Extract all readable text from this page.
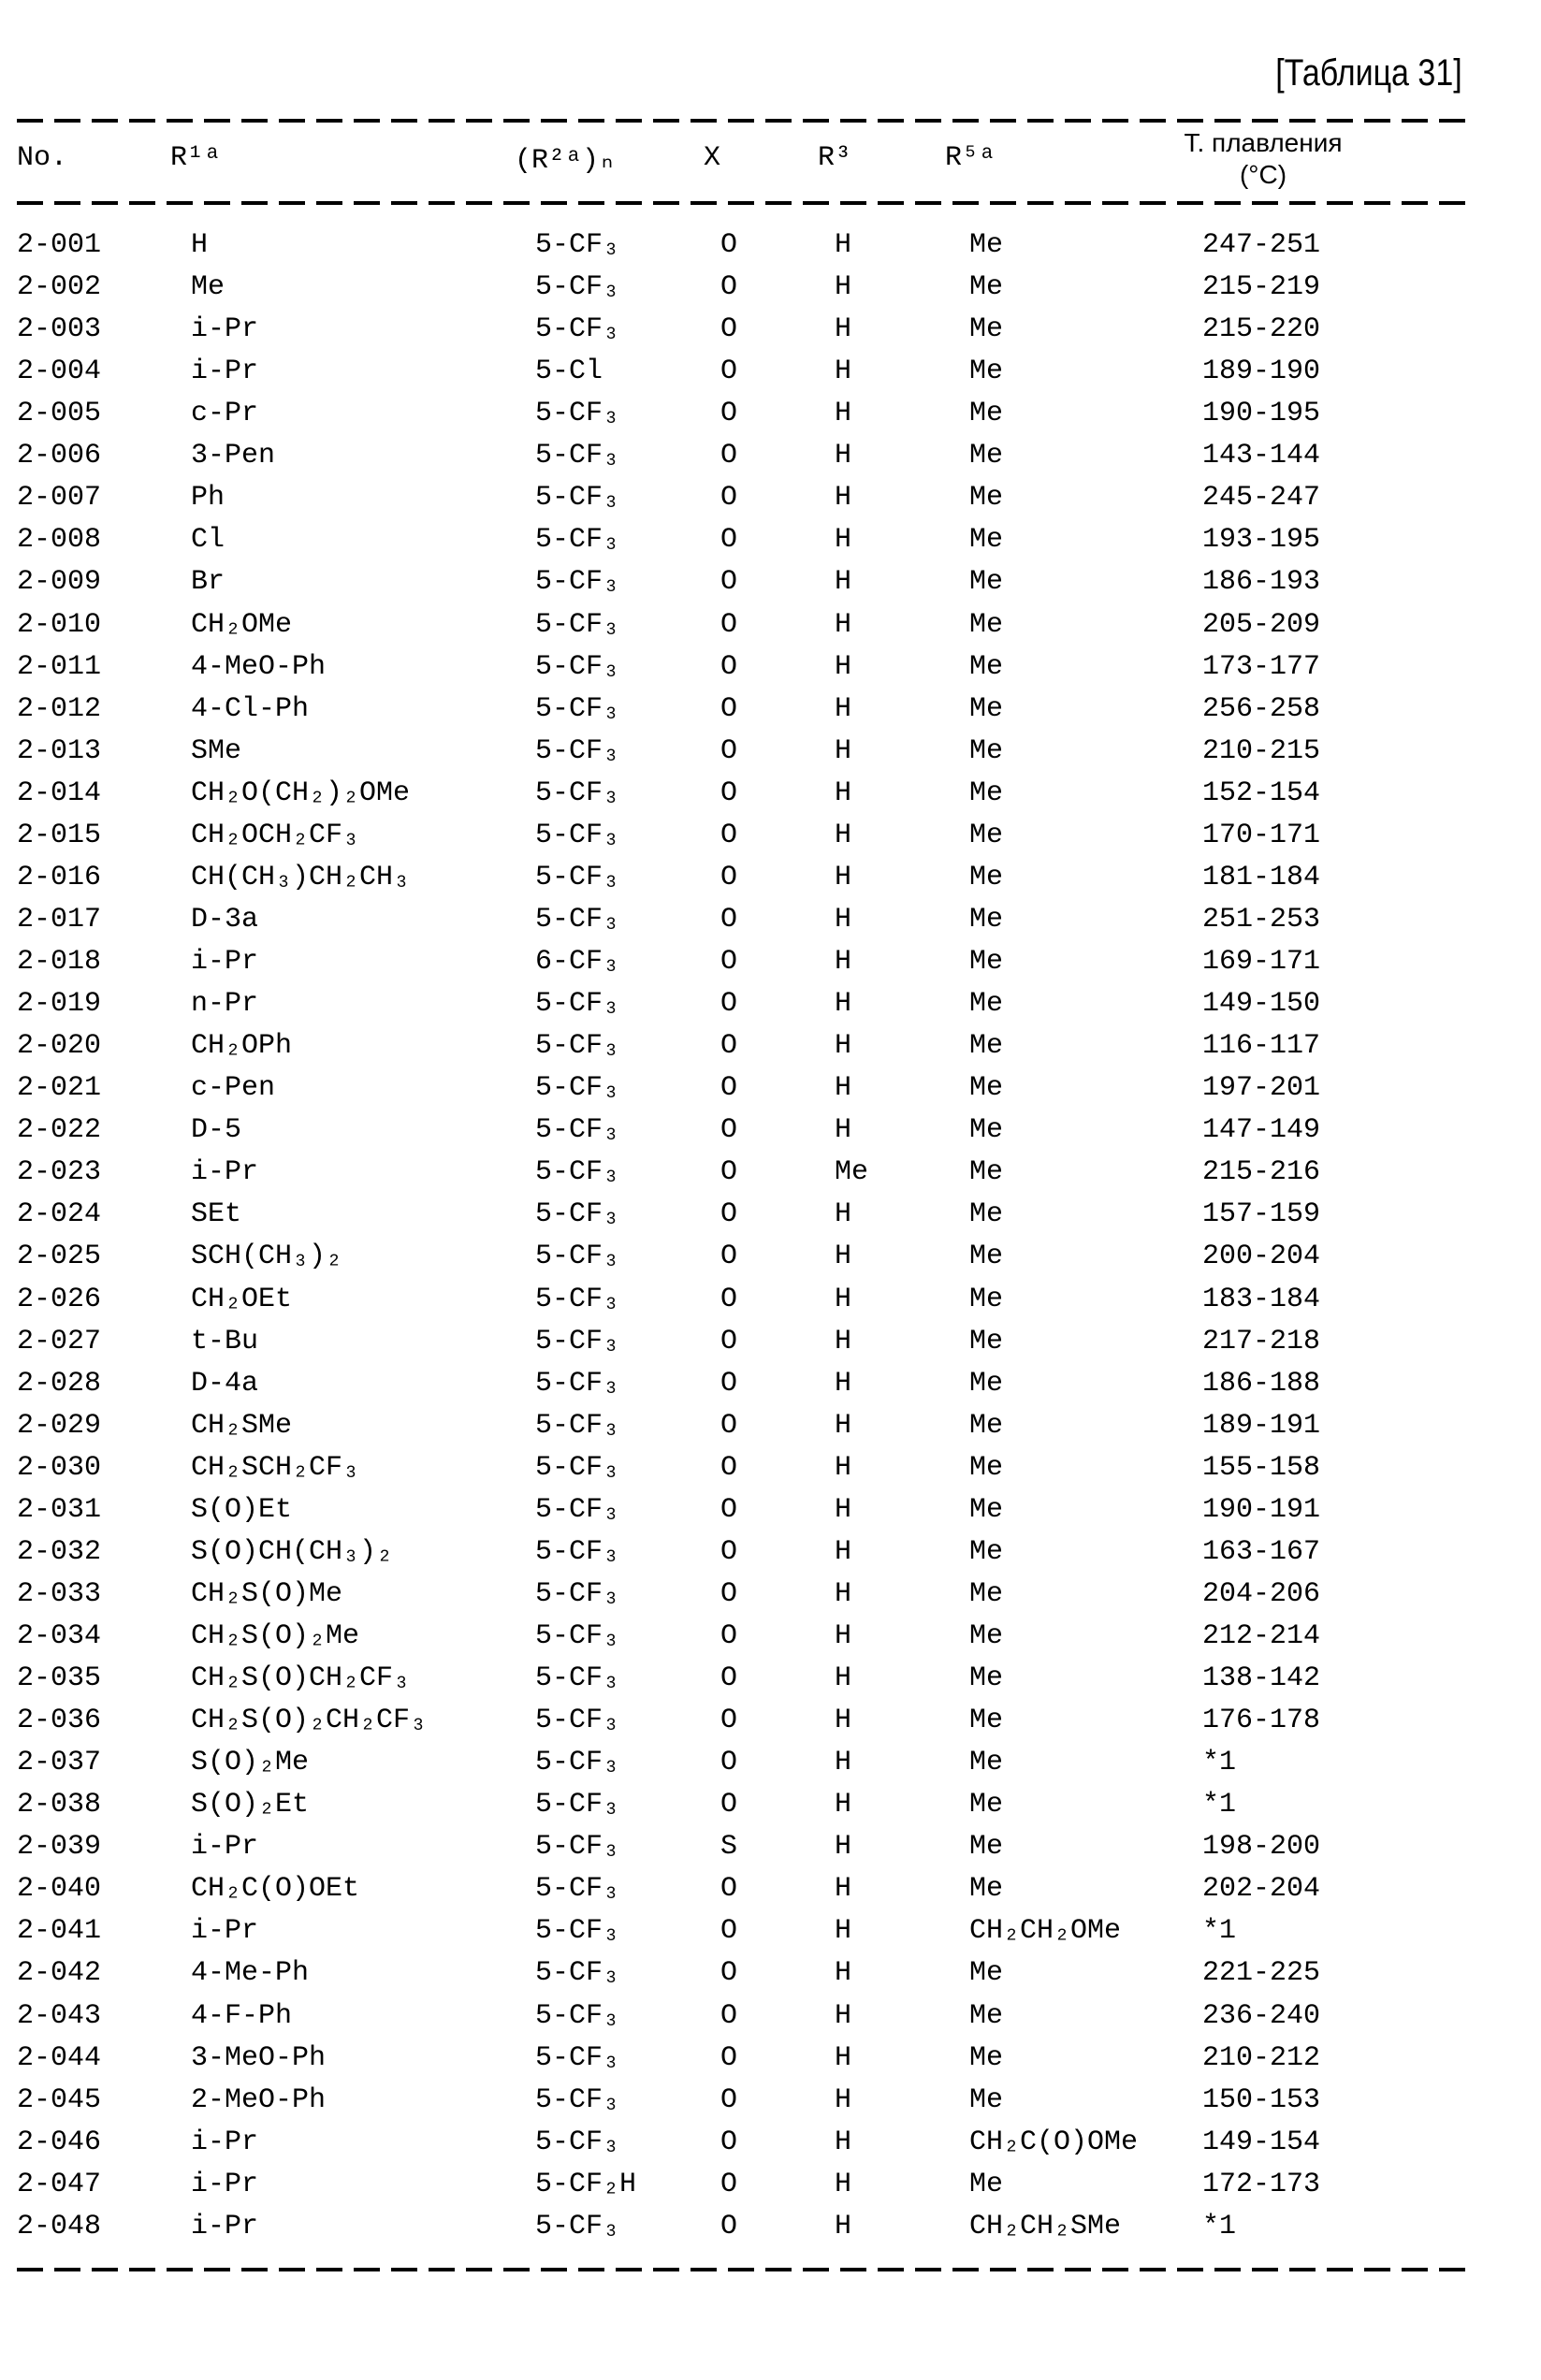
[Таблица 31]
No.	R¹ᵃ	(R²ᵃ)ₙ	X	R³	R⁵ᵃ	Т. плавления
(°C)
2-001	H	5-CF₃	O	H	Me	247-251
2-002	Me	5-CF₃	O	H	Me	215-219
2-003	i-Pr	5-CF₃	O	H	Me	215-220
2-004	i-Pr	5-Cl	O	H	Me	189-190
2-005	c-Pr	5-CF₃	O	H	Me	190-195
2-006	3-Pen	5-CF₃	O	H	Me	143-144
2-007	Ph	5-CF₃	O	H	Me	245-247
2-008	Cl	5-CF₃	O	H	Me	193-195
2-009	Br	5-CF₃	O	H	Me	186-193
2-010	CH₂OMe	5-CF₃	O	H	Me	205-209
2-011	4-MeO-Ph	5-CF₃	O	H	Me	173-177
2-012	4-Cl-Ph	5-CF₃	O	H	Me	256-258
2-013	SMe	5-CF₃	O	H	Me	210-215
2-014	CH₂O(CH₂)₂OMe	5-CF₃	O	H	Me	152-154
2-015	CH₂OCH₂CF₃	5-CF₃	O	H	Me	170-171
2-016	CH(CH₃)CH₂CH₃	5-CF₃	O	H	Me	181-184
2-017	D-3a	5-CF₃	O	H	Me	251-253
2-018	i-Pr	6-CF₃	O	H	Me	169-171
2-019	n-Pr	5-CF₃	O	H	Me	149-150
2-020	CH₂OPh	5-CF₃	O	H	Me	116-117
2-021	c-Pen	5-CF₃	O	H	Me	197-201
2-022	D-5	5-CF₃	O	H	Me	147-149
2-023	i-Pr	5-CF₃	O	Me	Me	215-216
2-024	SEt	5-CF₃	O	H	Me	157-159
2-025	SCH(CH₃)₂	5-CF₃	O	H	Me	200-204
2-026	CH₂OEt	5-CF₃	O	H	Me	183-184
2-027	t-Bu	5-CF₃	O	H	Me	217-218
2-028	D-4a	5-CF₃	O	H	Me	186-188
2-029	CH₂SMe	5-CF₃	O	H	Me	189-191
2-030	CH₂SCH₂CF₃	5-CF₃	O	H	Me	155-158
2-031	S(O)Et	5-CF₃	O	H	Me	190-191
2-032	S(O)CH(CH₃)₂	5-CF₃	O	H	Me	163-167
2-033	CH₂S(O)Me	5-CF₃	O	H	Me	204-206
2-034	CH₂S(O)₂Me	5-CF₃	O	H	Me	212-214
2-035	CH₂S(O)CH₂CF₃	5-CF₃	O	H	Me	138-142
2-036	CH₂S(O)₂CH₂CF₃	5-CF₃	O	H	Me	176-178
2-037	S(O)₂Me	5-CF₃	O	H	Me	*1
2-038	S(O)₂Et	5-CF₃	O	H	Me	*1
2-039	i-Pr	5-CF₃	S	H	Me	198-200
2-040	CH₂C(O)OEt	5-CF₃	O	H	Me	202-204
2-041	i-Pr	5-CF₃	O	H	CH₂CH₂OMe	*1
2-042	4-Me-Ph	5-CF₃	O	H	Me	221-225
2-043	4-F-Ph	5-CF₃	O	H	Me	236-240
2-044	3-MeO-Ph	5-CF₃	O	H	Me	210-212
2-045	2-MeO-Ph	5-CF₃	O	H	Me	150-153
2-046	i-Pr	5-CF₃	O	H	CH₂C(O)OMe 149-154
2-047	i-Pr	5-CF₂H	O	H	Me	172-173
2-048	i-Pr	5-CF₃	O	H	CH₂CH₂SMe	*1
